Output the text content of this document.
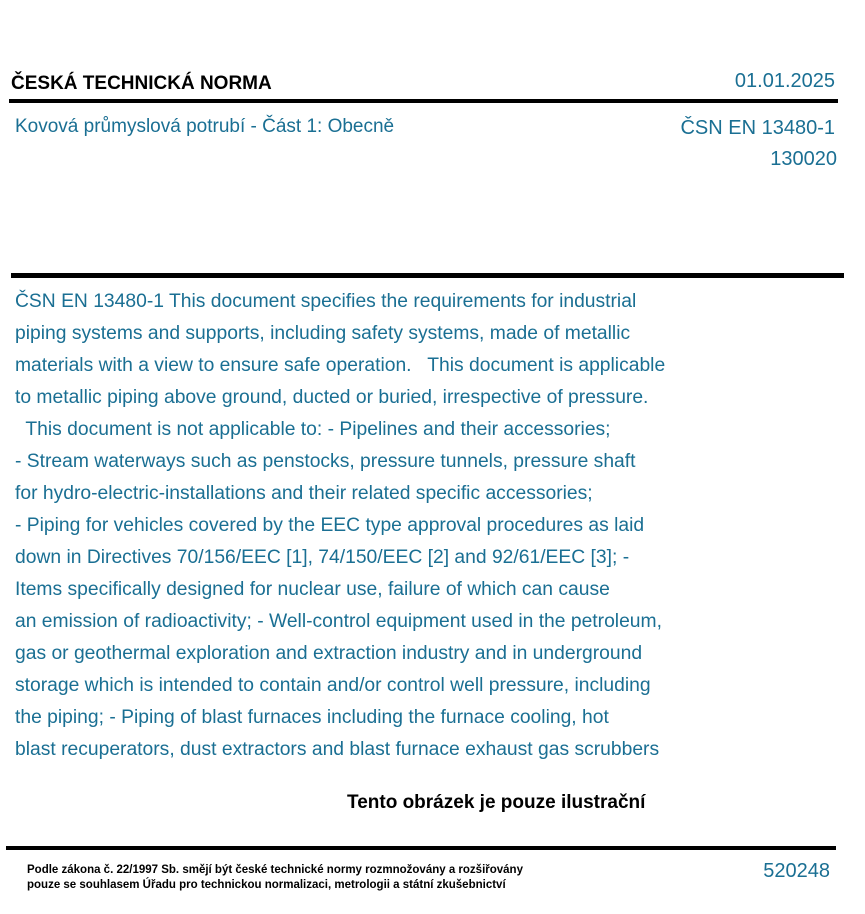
ČESKÁ TECHNICKÁ NORMA	01.01.2025
Kovová průmyslová potrubí - Část 1: Obecně	ČSN EN 13480-1
130020
ČSN EN 13480-1 This document specifies the requirements for industrial
piping systems and supports, including safety systems, made of metallic
materials with a view to ensure safe operation.   This document is applicable
to metallic piping above ground, ducted or buried, irrespective of pressure.
This document is not applicable to: - Pipelines and their accessories;
- Stream waterways such as penstocks, pressure tunnels, pressure shaft
for hydro-electric-installations and their related specific accessories;
- Piping for vehicles covered by the EEC type approval procedures as laid
down in Directives 70/156/EEC [1], 74/150/EEC [2] and 92/61/EEC [3]; -
Items specifically designed for nuclear use, failure of which can cause
an emission of radioactivity; - Well-control equipment used in the petroleum,
gas or geothermal exploration and extraction industry and in underground
storage which is intended to contain and/or control well pressure, including
the piping; - Piping of blast furnaces including the furnace cooling, hot
blast recuperators, dust extractors and blast furnace exhaust gas scrubbers
Tento obrázek je pouze ilustrační
Podle zákona č. 22/1997 Sb. smějí být české technické normy rozmnožovány a rozšiřovány
pouze se souhlasem Úřadu pro technickou normalizaci, metrologii a státní zkušebnictví
520248
